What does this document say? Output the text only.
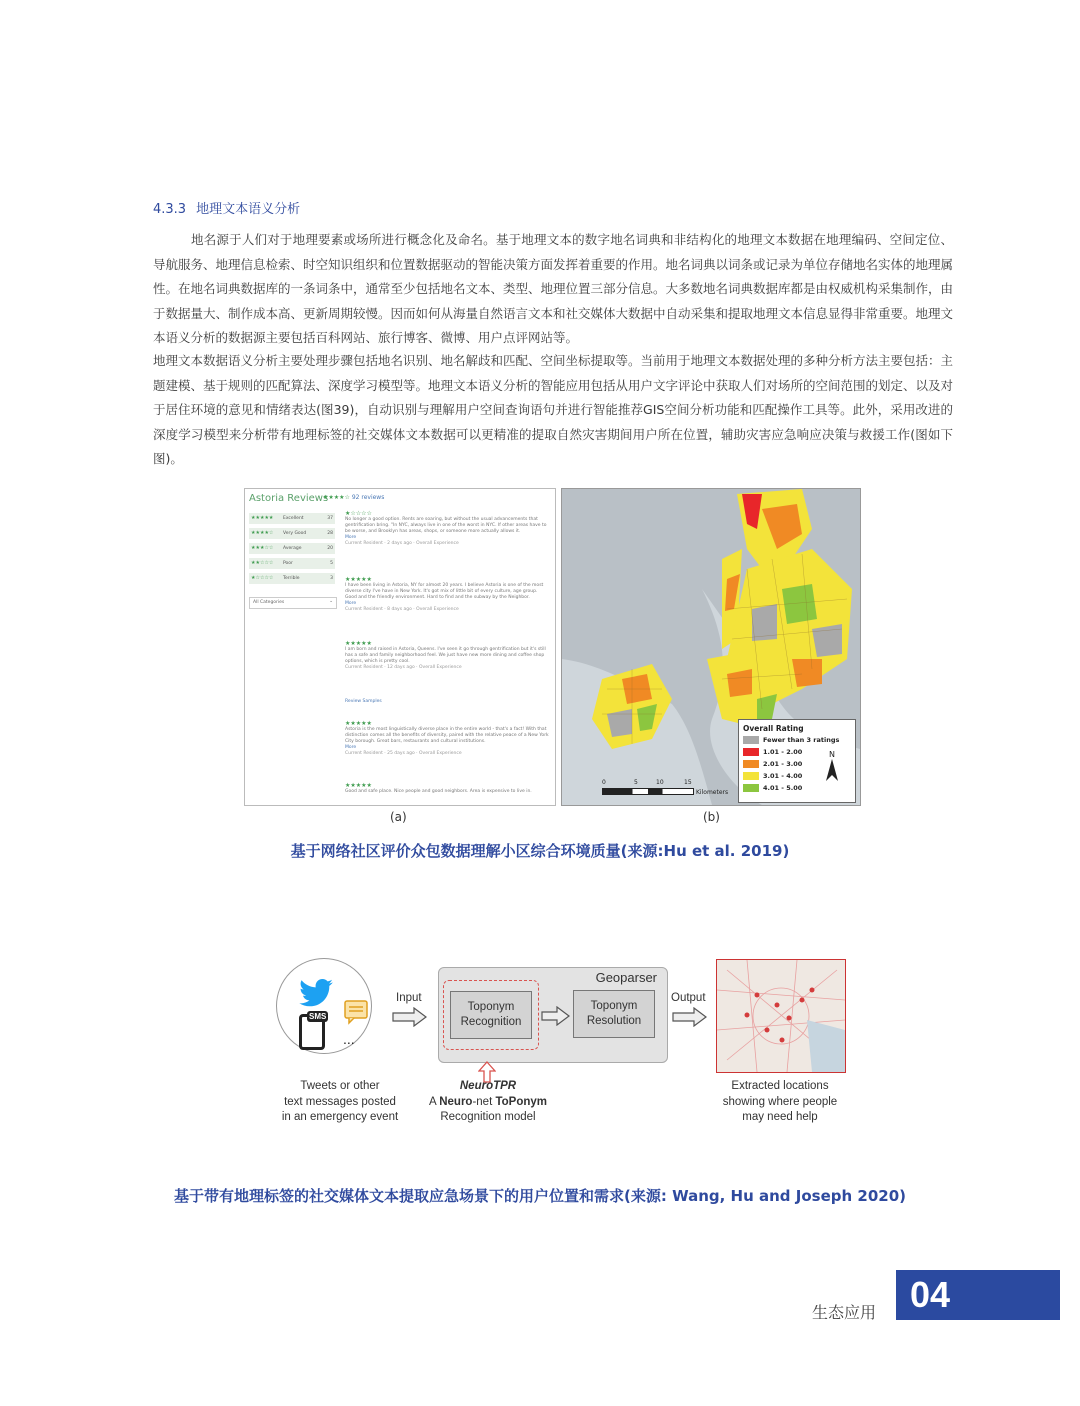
4.3.3 地理文本语义分析
地名源于人们对于地理要素或场所进行概念化及命名。基于地理文本的数字地名词典和非结构化的地理文本数据在地理编码、空间定位、导航服务、地理信息检索、时空知识组织和位置数据驱动的智能决策方面发挥着重要的作用。地名词典以词条或记录为单位存储地名实体的地理属性。在地名词典数据库的一条词条中，通常至少包括地名文本、类型、地理位置三部分信息。大多数地名词典数据库都是由权威机构采集制作，由于数据量大、制作成本高、更新周期较慢。因而如何从海量自然语言文本和社交媒体大数据中自动采集和提取地理文本信息显得非常重要。地理文本语义分析的数据源主要包括百科网站、旅行博客、微博、用户点评网站等。
地理文本数据语义分析主要处理步骤包括地名识别、地名解歧和匹配、空间坐标提取等。当前用于地理文本数据处理的多种分析方法主要包括：主题建模、基于规则的匹配算法、深度学习模型等。地理文本语义分析的智能应用包括从用户文字评论中获取人们对场所的空间范围的划定、以及对于居住环境的意见和情绪表达(图39)，自动识别与理解用户空间查询语句并进行智能推荐GIS空间分析功能和匹配操作工具等。此外，采用改进的深度学习模型来分析带有地理标签的社交媒体文本数据可以更精准的提取自然灾害期间用户所在位置，辅助灾害应急响应决策与救援工作(图如下图)。
Astoria Reviews
★★★★☆ 92 reviews
★★★★★ Excellent	37
★★★★☆ Very Good	28
★★★☆☆ Average	20
★★☆☆☆ Poor	5
★☆☆☆☆ Terrible	3
All Categories	⌄
★☆☆☆☆
No longer a good option. Rents are soaring, but without the usual advancements that gentrification bring. "In NYC, always live in one of the worst in NYC. If other areas have to be worse, and Brooklyn has areas, shops, or someone more actually allows it.
More
Current Resident · 2 days ago · Overall Experience
★★★★★
I have been living in Astoria, NY for almost 20 years. I believe Astoria is one of the most diverse city I've have in New York. It's got mix of little bit of every culture, age group. Good and the friendly environment. Hard to find and the subway by the Neighbor.
More
Current Resident · 8 days ago · Overall Experience
★★★★★
I am born and raised in Astoria, Queens. I've seen it go through gentrification but it's still has a safe and family neighborhood feel. We just have new more dining and coffee shop options, which is pretty cool.
Current Resident · 12 days ago · Overall Experience
Review Samples
★★★★★
Astoria is the most linguistically diverse place in the entire world - that's a fact! With that distinction comes all the benefits of diversity, paired with the relative peace of a New York City borough. Great bars, restaurants and cultural institutions.
More
Current Resident · 25 days ago · Overall Experience
★★★★★
Good and safe place. Nice people and good neighbors. Area is expensive to live in.
Overall Rating
Fewer than 3 ratings
1.01 - 2.00
2.01 - 3.00
3.01 - 4.00
4.01 - 5.00
N
0	5	10	15
Kilometers
(a)	(b)
基于网络社区评价众包数据理解小区综合环境质量(来源:Hu et al. 2019)
SMS
...
Input
Geoparser
Toponym
Recognition
Toponym
Resolution
NeuroTPR
A Neuro-net ToPonym
Recognition model
Output
Tweets or other
text messages posted
in an emergency event
Extracted locations
showing where people
may need help
基于带有地理标签的社交媒体文本提取应急场景下的用户位置和需求(来源: Wang, Hu and Joseph 2020)
生态应用 04
